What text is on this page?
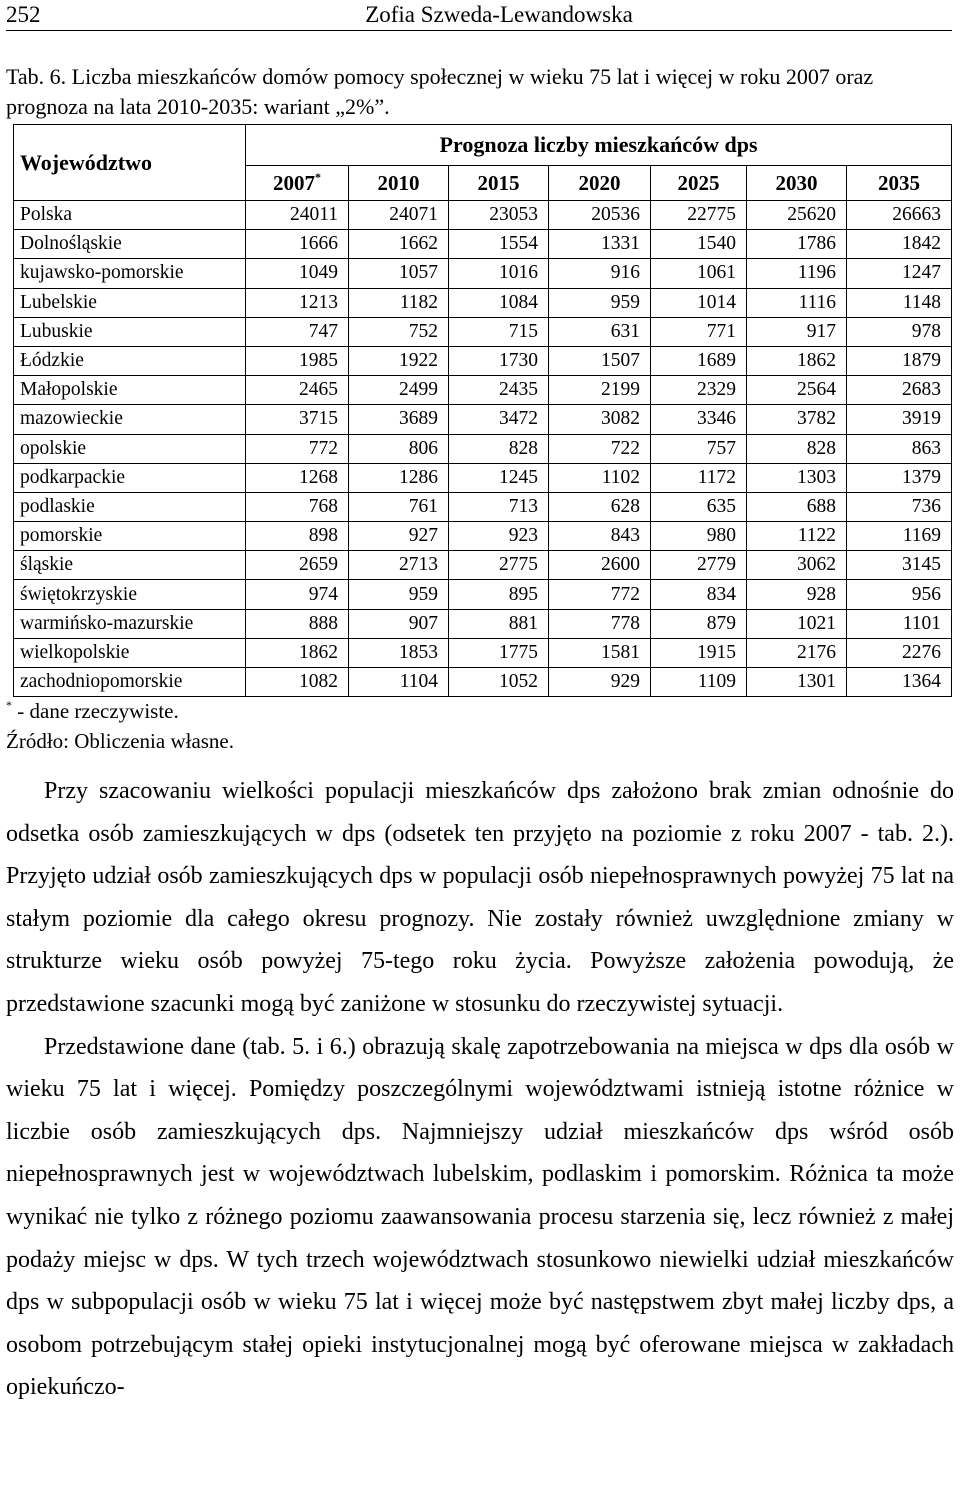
252	Zofia Szweda-Lewandowska
Tab. 6. Liczba mieszkańców domów pomocy społecznej w wieku 75 lat i więcej w roku 2007 oraz prognoza na lata 2010-2035: wariant „2%”.
Województwo	Prognoza liczby mieszkańców dps						
	2007*	2010	2015	2020	2025	2030	2035
Polska	24011	24071	23053	20536	22775	25620	26663
Dolnośląskie	1666	1662	1554	1331	1540	1786	1842
kujawsko-pomorskie	1049	1057	1016	916	1061	1196	1247
Lubelskie	1213	1182	1084	959	1014	1116	1148
Lubuskie	747	752	715	631	771	917	978
Łódzkie	1985	1922	1730	1507	1689	1862	1879
Małopolskie	2465	2499	2435	2199	2329	2564	2683
mazowieckie	3715	3689	3472	3082	3346	3782	3919
opolskie	772	806	828	722	757	828	863
podkarpackie	1268	1286	1245	1102	1172	1303	1379
podlaskie	768	761	713	628	635	688	736
pomorskie	898	927	923	843	980	1122	1169
śląskie	2659	2713	2775	2600	2779	3062	3145
świętokrzyskie	974	959	895	772	834	928	956
warmińsko-mazurskie	888	907	881	778	879	1021	1101
wielkopolskie	1862	1853	1775	1581	1915	2176	2276
zachodniopomorskie	1082	1104	1052	929	1109	1301	1364
* - dane rzeczywiste.
Źródło: Obliczenia własne.

Przy szacowaniu wielkości populacji mieszkańców dps założono brak zmian odnośnie do odsetka osób zamieszkujących w dps (odsetek ten przyjęto na poziomie z roku 2007 - tab. 2.). Przyjęto udział osób zamieszkujących dps w populacji osób niepełnosprawnych powyżej 75 lat na stałym poziomie dla całego okresu prognozy. Nie zostały również uwzględnione zmiany w strukturze wieku osób powyżej 75-tego roku życia. Powyższe założenia powodują, że przedstawione szacunki mogą być zaniżone w stosunku do rzeczywistej sytuacji.

Przedstawione dane (tab. 5. i 6.) obrazują skalę zapotrzebowania na miejsca w dps dla osób w wieku 75 lat i więcej. Pomiędzy poszczególnymi województwami istnieją istotne różnice w liczbie osób zamieszkujących dps. Najmniejszy udział mieszkańców dps wśród osób niepełnosprawnych jest w województwach lubelskim, podlaskim i pomorskim. Różnica ta może wynikać nie tylko z różnego poziomu zaawansowania procesu starzenia się, lecz również z małej podaży miejsc w dps. W tych trzech województwach stosunkowo niewielki udział mieszkańców dps w subpopulacji osób w wieku 75 lat i więcej może być następstwem zbyt małej liczby dps, a osobom potrzebującym stałej opieki instytucjonalnej mogą być oferowane miejsca w zakładach opiekuńczo-
